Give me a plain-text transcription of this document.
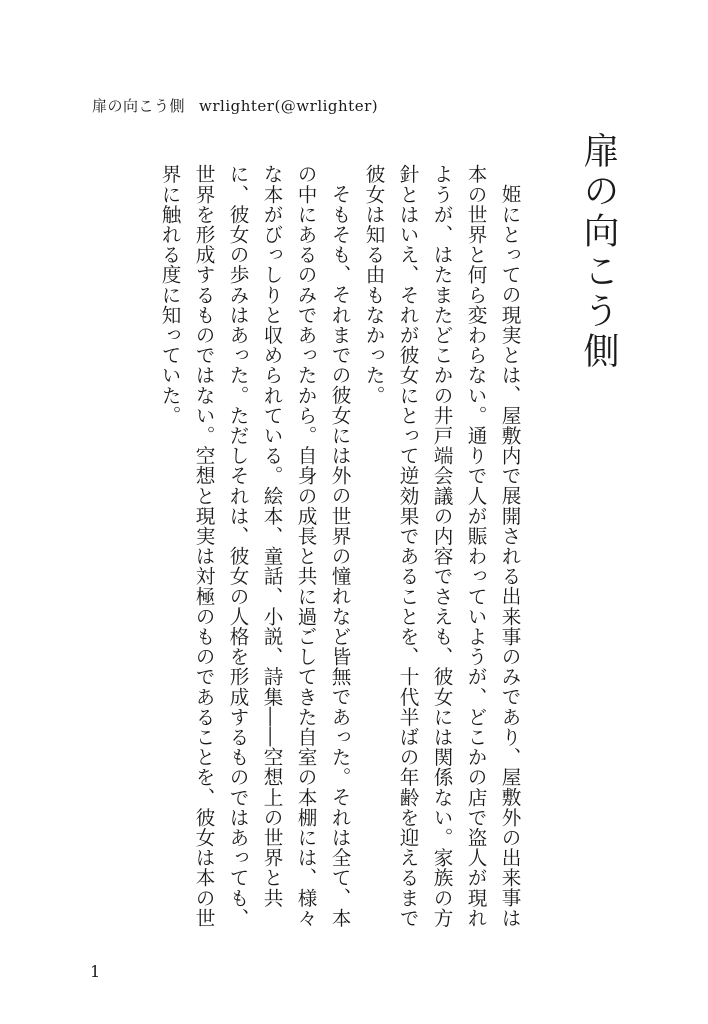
扉の向こう側 wrlighter(@wrlighter)
扉の向こう側

姫にとっての現実とは、屋敷内で展開される出来事のみであり、屋敷外の出来事は本の世界と何ら変わらない。通りで人が賑わっていようが、どこかの店で盗人が現れようが、はたまたどこかの井戸端会議の内容でさえも、彼女には関係ない。家族の方針とはいえ、それが彼女にとって逆効果であることを、十代半ばの年齢を迎えるまで彼女は知る由もなかった。

そもそも、それまでの彼女には外の世界の憧れなど皆無であった。それは全て、本の中にあるのみであったから。自身の成長と共に過ごしてきた自室の本棚には、様々な本がびっしりと収められている。絵本、童話、小説、詩集――空想上の世界と共に、彼女の歩みはあった。ただしそれは、彼女の人格を形成するものではあっても、世界を形成するものではない。空想と現実は対極のものであることを、彼女は本の世界に触れる度に知っていた。

1
